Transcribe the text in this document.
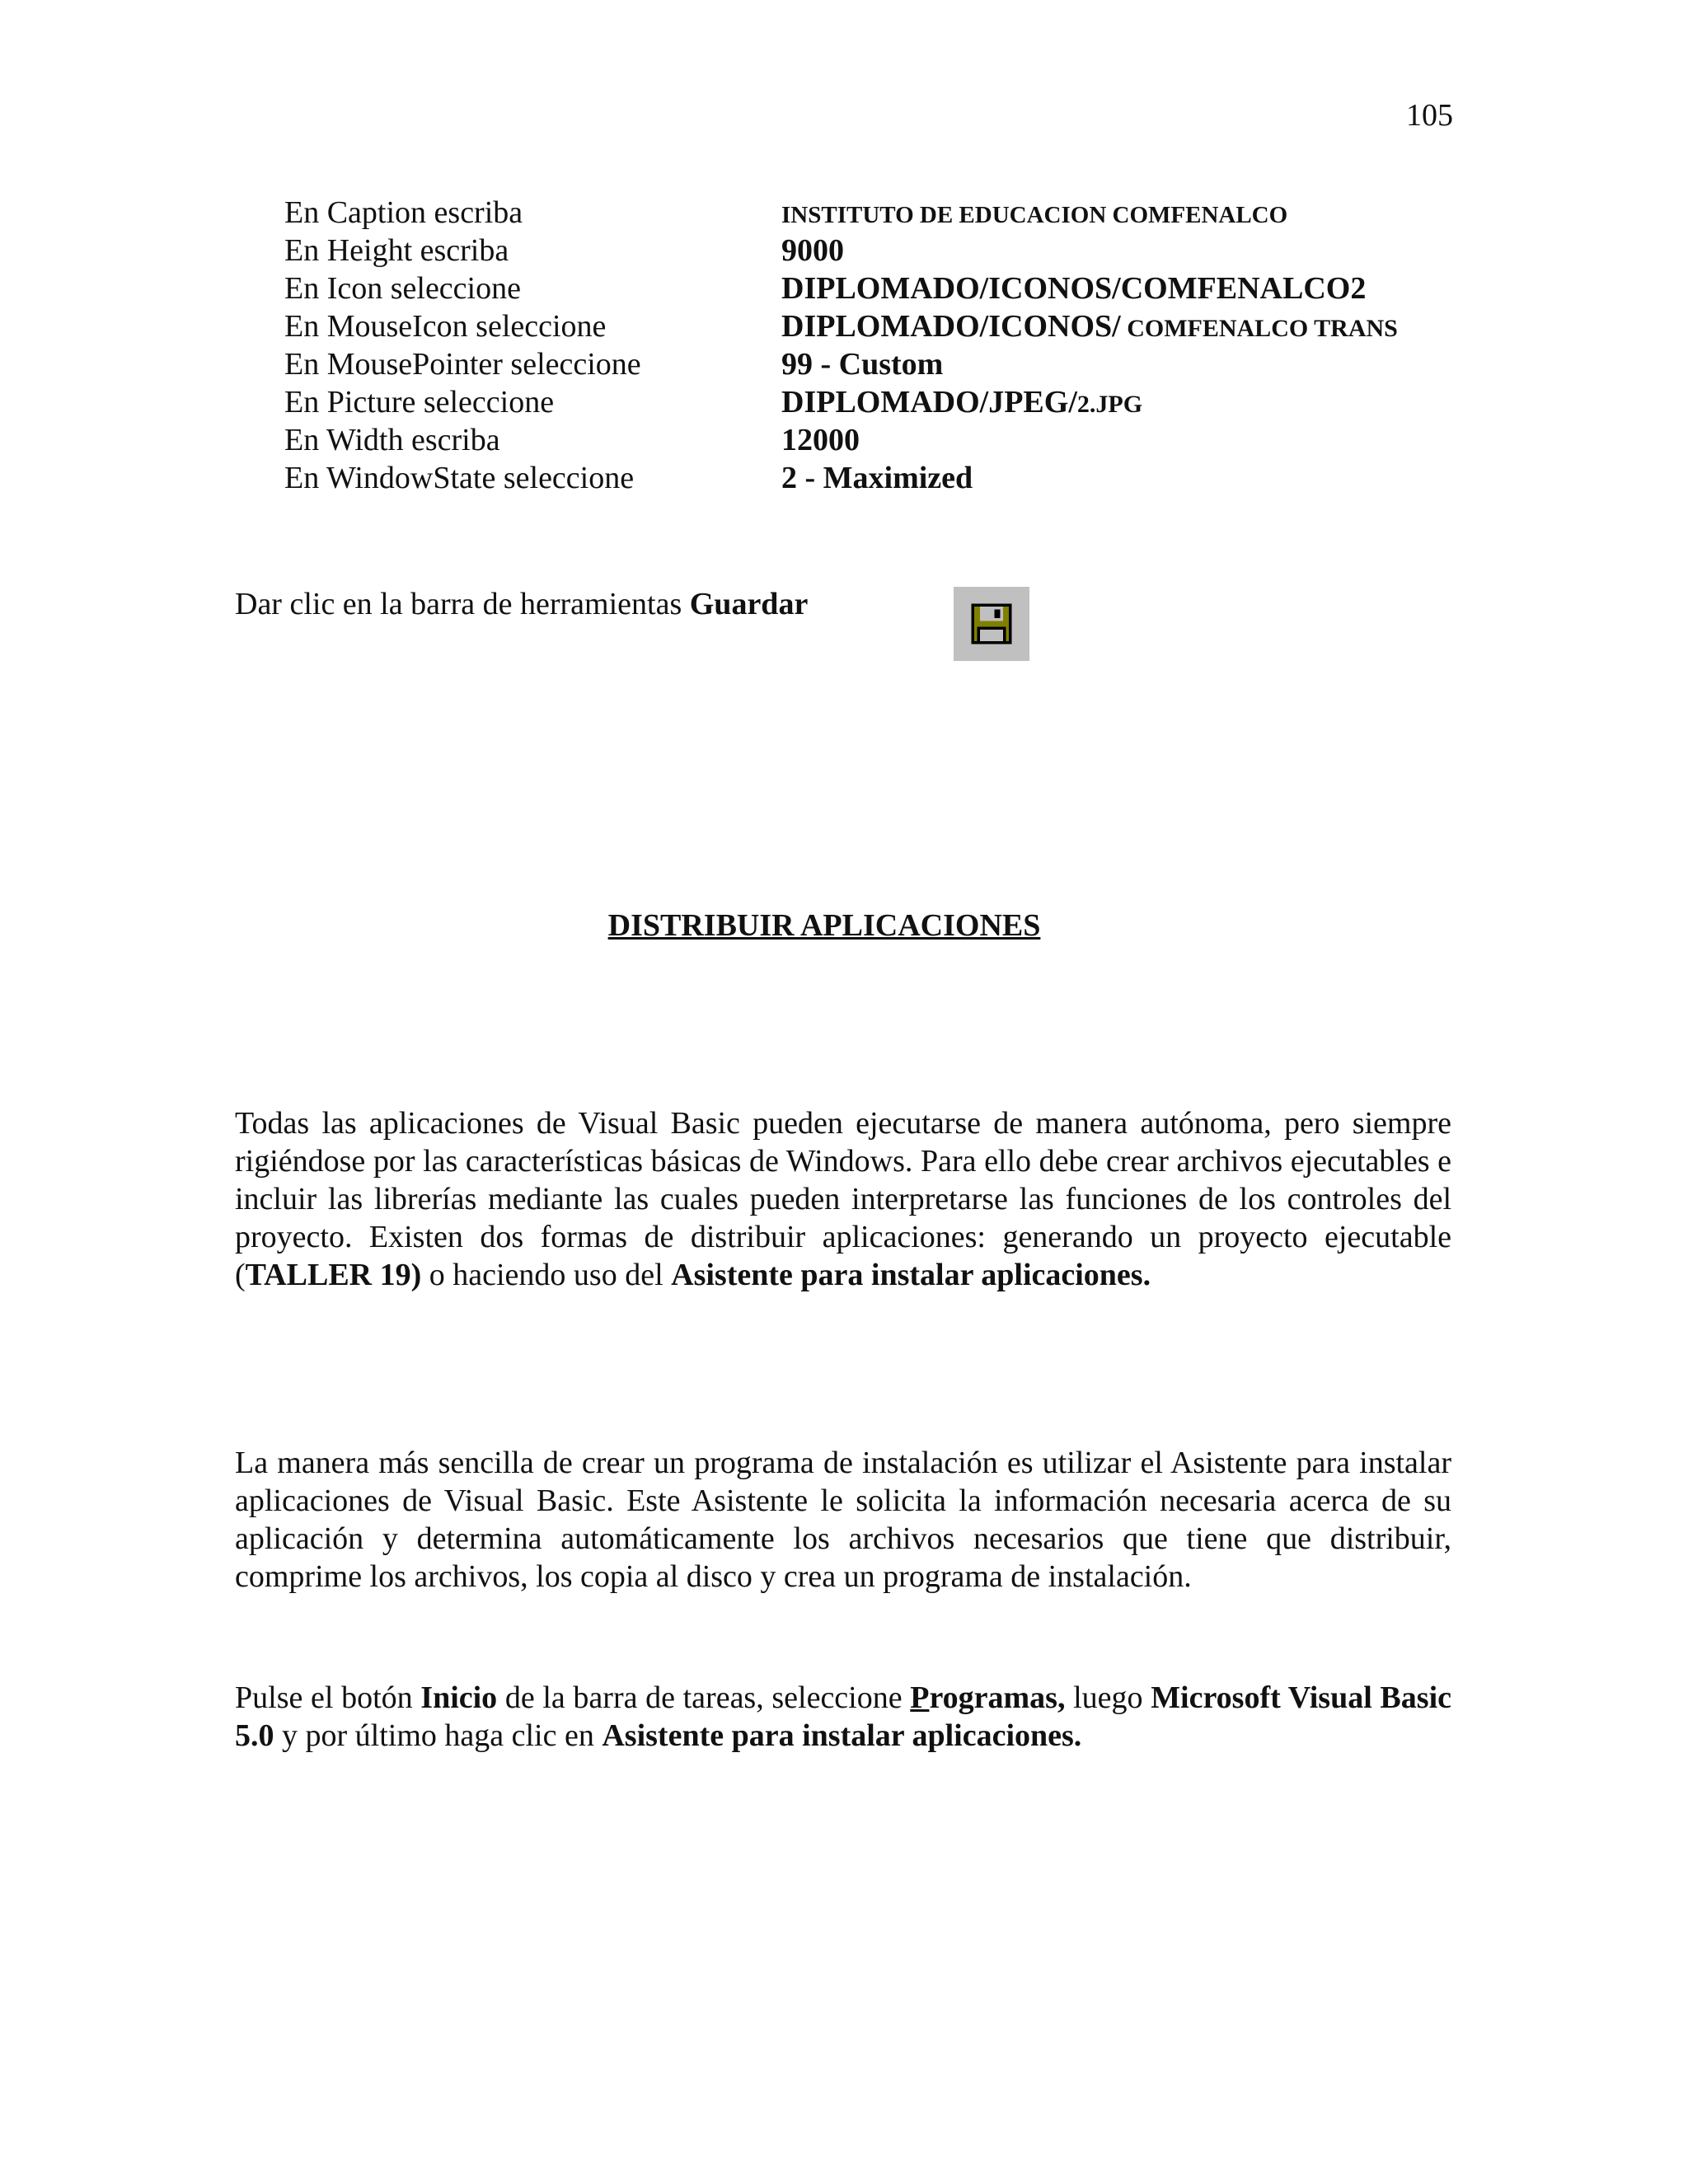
105
En Caption escriba	INSTITUTO DE EDUCACION COMFENALCO
En Height escriba	9000
En Icon seleccione	DIPLOMADO/ICONOS/COMFENALCO2
En MouseIcon seleccione	DIPLOMADO/ICONOS/ COMFENALCO TRANS
En MousePointer seleccione	99 - Custom
En Picture seleccione	DIPLOMADO/JPEG/2.JPG
En Width escriba	12000
En WindowState seleccione	2 - Maximized
Dar clic en la barra de herramientas Guardar
DISTRIBUIR APLICACIONES
Todas las aplicaciones de Visual Basic pueden ejecutarse de manera autónoma, pero siempre rigiéndose por las características básicas de Windows. Para ello debe crear archivos ejecutables e incluir las librerías mediante las cuales pueden interpretarse las funciones de los controles del proyecto. Existen dos formas de distribuir aplicaciones: generando un proyecto ejecutable (TALLER 19) o haciendo uso del Asistente para instalar aplicaciones.
La manera más sencilla de crear un programa de instalación es utilizar el Asistente para instalar aplicaciones de Visual Basic. Este Asistente le solicita la información necesaria acerca de su aplicación y determina automáticamente los archivos necesarios que tiene que distribuir, comprime los archivos, los copia al disco y crea un programa de instalación.
Pulse el botón Inicio de la barra de tareas, seleccione Programas, luego Microsoft Visual Basic 5.0 y por último haga clic en Asistente para instalar aplicaciones.
